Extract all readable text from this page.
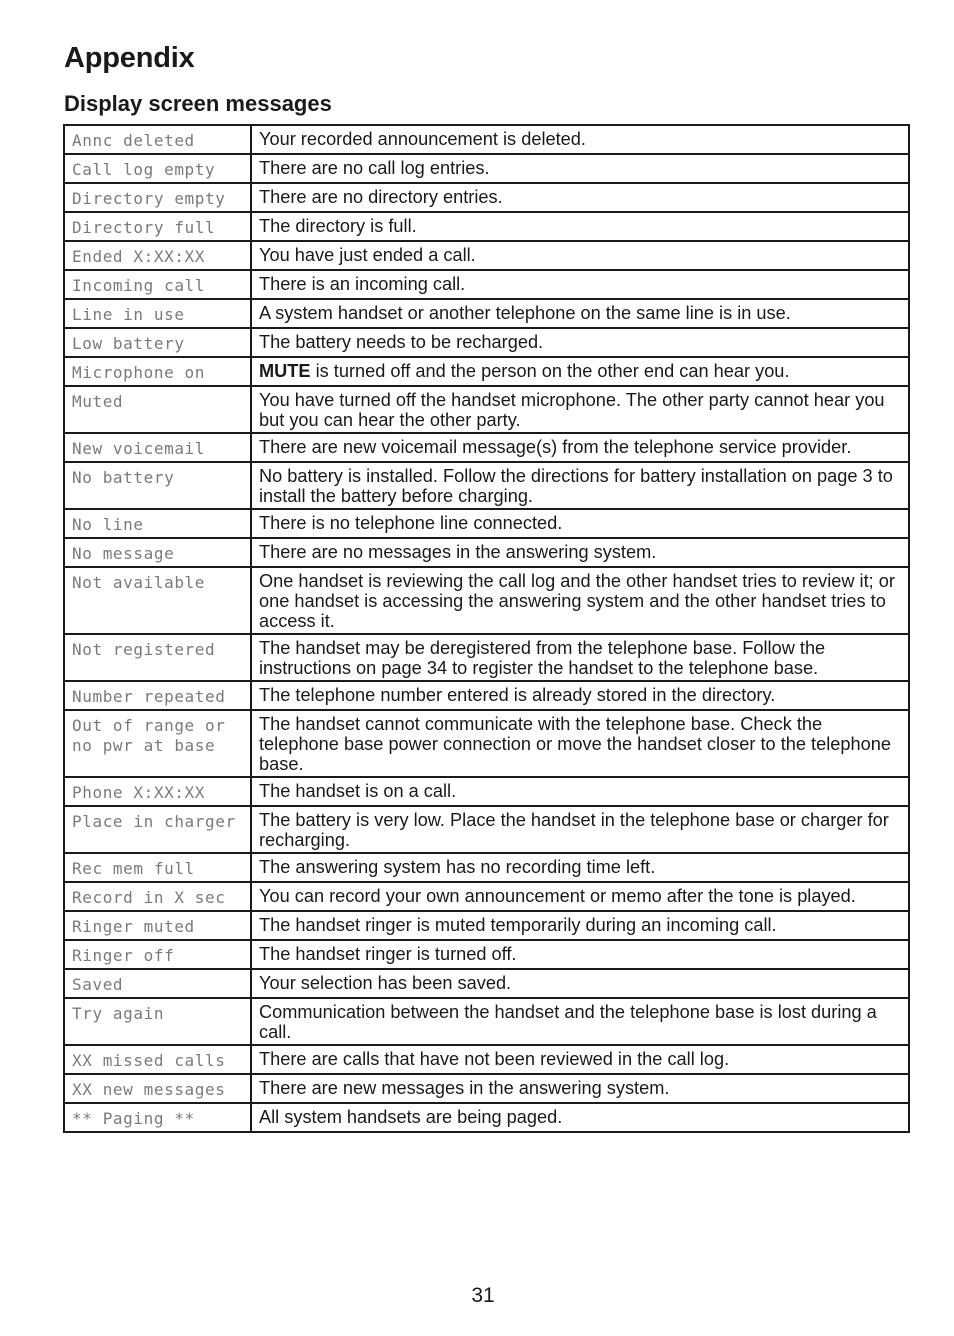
Appendix
Display screen messages
Annc deleted	Your recorded announcement is deleted.
Call log empty	There are no call log entries.
Directory empty	There are no directory entries.
Directory full	The directory is full.
Ended X:XX:XX	You have just ended a call.
Incoming call	There is an incoming call.
Line in use	A system handset or another telephone on the same line is in use.
Low battery	The battery needs to be recharged.
Microphone on	MUTE is turned off and the person on the other end can hear you.
Muted	You have turned off the handset microphone. The other party cannot hear you but you can hear the other party.
New voicemail	There are new voicemail message(s) from the telephone service provider.
No battery	No battery is installed. Follow the directions for battery installation on page 3 to install the battery before charging.
No line	There is no telephone line connected.
No message	There are no messages in the answering system.
Not available	One handset is reviewing the call log and the other handset tries to review it; or one handset is accessing the answering system and the other handset tries to access it.
Not registered	The handset may be deregistered from the telephone base. Follow the instructions on page 34 to register the handset to the telephone base.
Number repeated	The telephone number entered is already stored in the directory.
Out of range or
no pwr at base	The handset cannot communicate with the telephone base. Check the telephone base power connection or move the handset closer to the telephone base.
Phone X:XX:XX	The handset is on a call.
Place in charger	The battery is very low. Place the handset in the telephone base or charger for recharging.
Rec mem full	The answering system has no recording time left.
Record in X sec	You can record your own announcement or memo after the tone is played.
Ringer muted	The handset ringer is muted temporarily during an incoming call.
Ringer off	The handset ringer is turned off.
Saved	Your selection has been saved.
Try again	Communication between the handset and the telephone base is lost during a call.
XX missed calls	There are calls that have not been reviewed in the call log.
XX new messages	There are new messages in the answering system.
** Paging **	All system handsets are being paged.
31
